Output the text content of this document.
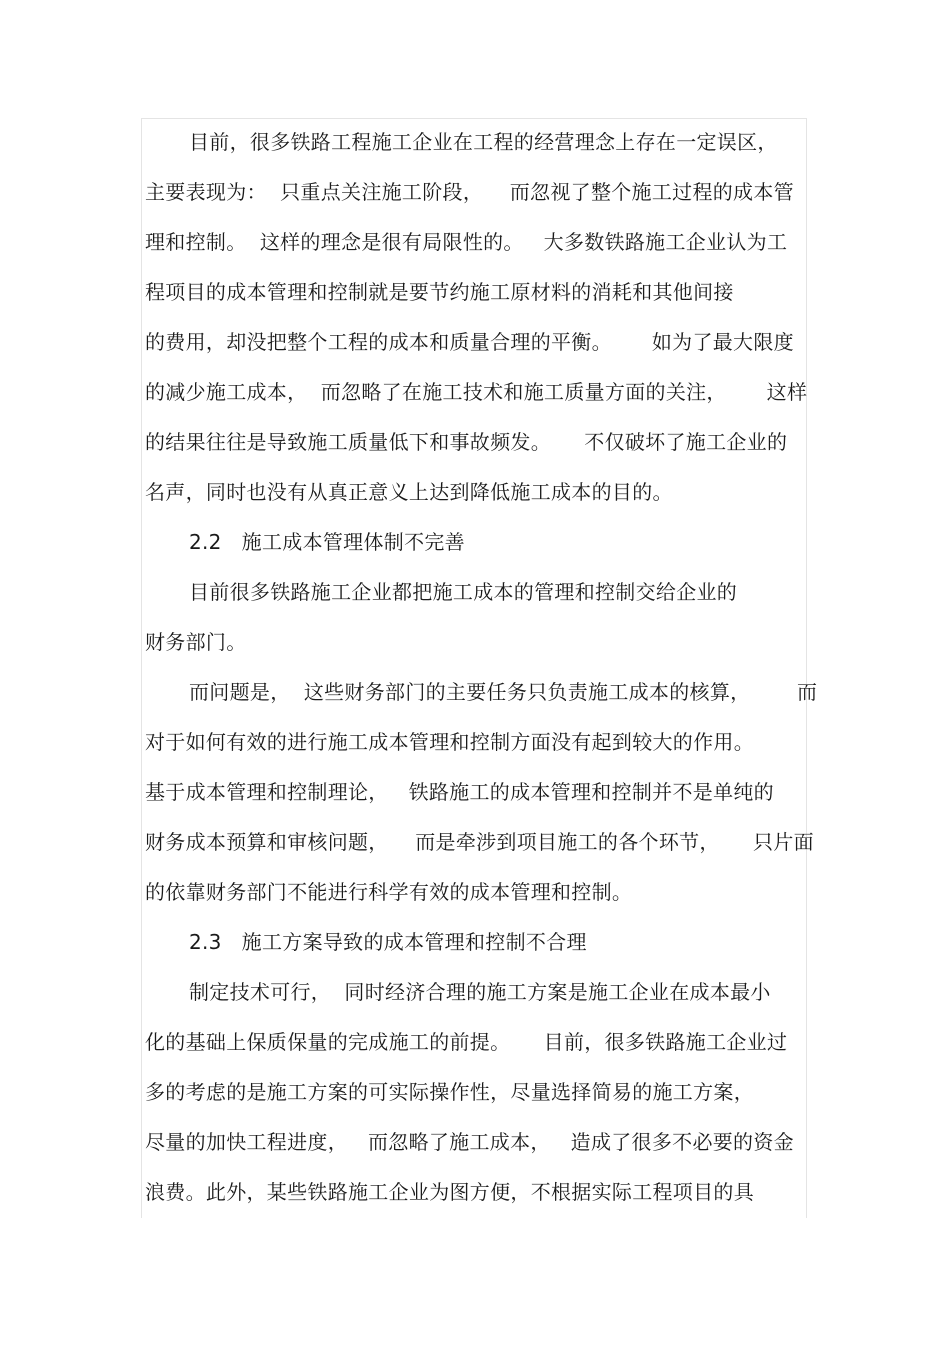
目前，很多铁路工程施工企业在工程的经营理念上存在一定误区，
主要表现为：  只重点关注施工阶段，    而忽视了整个施工过程的成本管
理和控制。  这样的理念是很有局限性的。   大多数铁路施工企业认为工
程项目的成本管理和控制就是要节约施工原材料的消耗和其他间接
的费用，却没把整个工程的成本和质量合理的平衡。      如为了最大限度
的减少施工成本，  而忽略了在施工技术和施工质量方面的关注，      这样
的结果往往是导致施工质量低下和事故频发。     不仅破坏了施工企业的
名声，同时也没有从真正意义上达到降低施工成本的目的。
2.2   施工成本管理体制不完善
目前很多铁路施工企业都把施工成本的管理和控制交给企业的
财务部门。
而问题是，  这些财务部门的主要任务只负责施工成本的核算，       而
对于如何有效的进行施工成本管理和控制方面没有起到较大的作用。
基于成本管理和控制理论，   铁路施工的成本管理和控制并不是单纯的
财务成本预算和审核问题，    而是牵涉到项目施工的各个环节，     只片面
的依靠财务部门不能进行科学有效的成本管理和控制。
2.3   施工方案导致的成本管理和控制不合理
制定技术可行，  同时经济合理的施工方案是施工企业在成本最小
化的基础上保质保量的完成施工的前提。     目前，很多铁路施工企业过
多的考虑的是施工方案的可实际操作性，尽量选择简易的施工方案，
尽量的加快工程进度，   而忽略了施工成本，   造成了很多不必要的资金
浪费。此外，某些铁路施工企业为图方便，不根据实际工程项目的具
